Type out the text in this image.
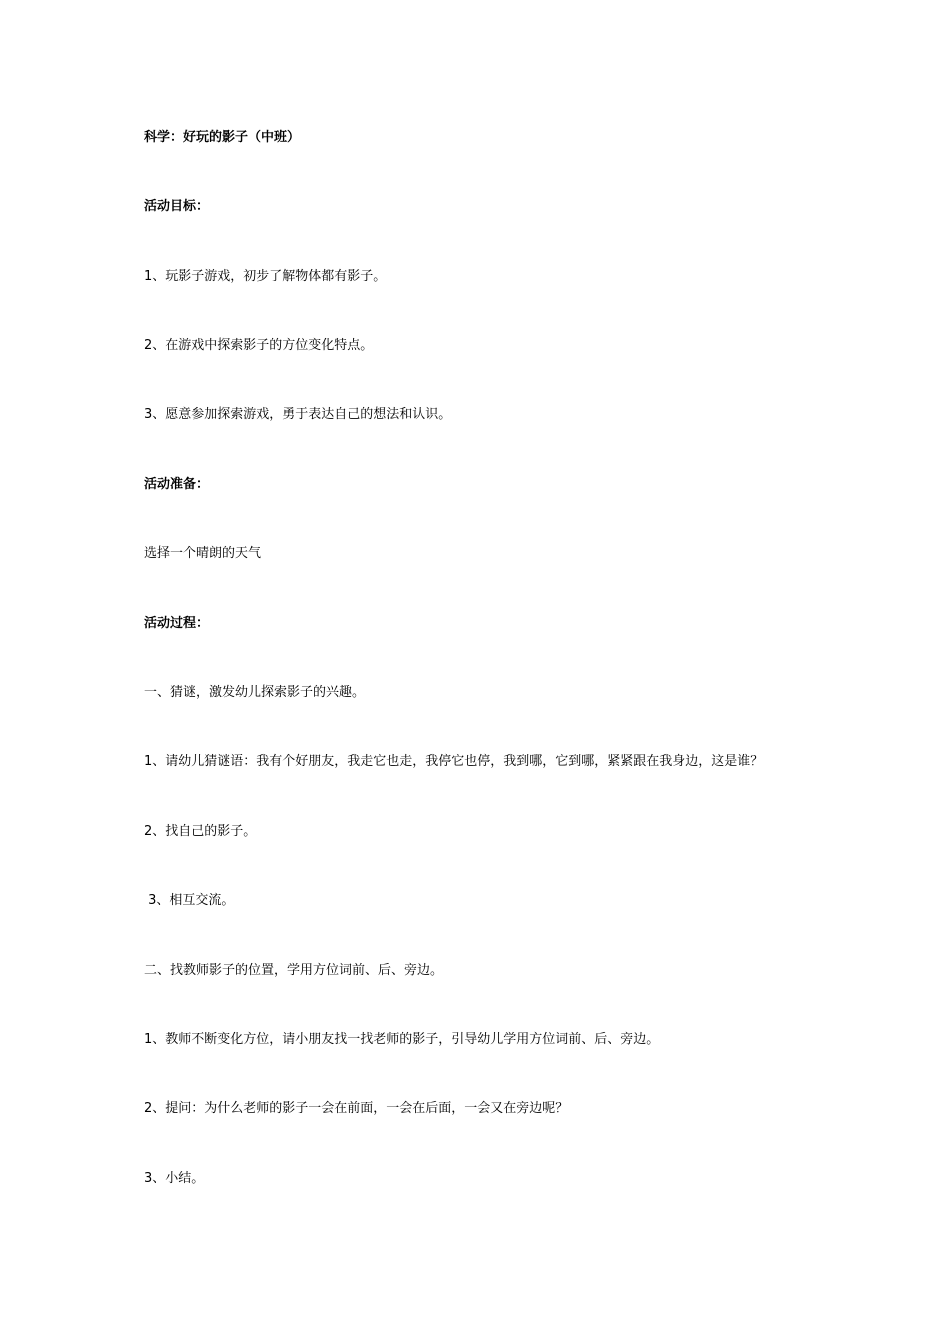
科学：好玩的影子（中班）
活动目标：
1、玩影子游戏，初步了解物体都有影子。
2、在游戏中探索影子的方位变化特点。
3、愿意参加探索游戏，勇于表达自己的想法和认识。
活动准备：
选择一个晴朗的天气
活动过程：
一、猜谜，激发幼儿探索影子的兴趣。
1、请幼儿猜谜语：我有个好朋友，我走它也走，我停它也停，我到哪，它到哪，紧紧跟在我身边，这是谁？
2、找自己的影子。
3、相互交流。
二、找教师影子的位置，学用方位词前、后、旁边。
1、教师不断变化方位，请小朋友找一找老师的影子，引导幼儿学用方位词前、后、旁边。
2、提问：为什么老师的影子一会在前面，一会在后面，一会又在旁边呢？
3、小结。
